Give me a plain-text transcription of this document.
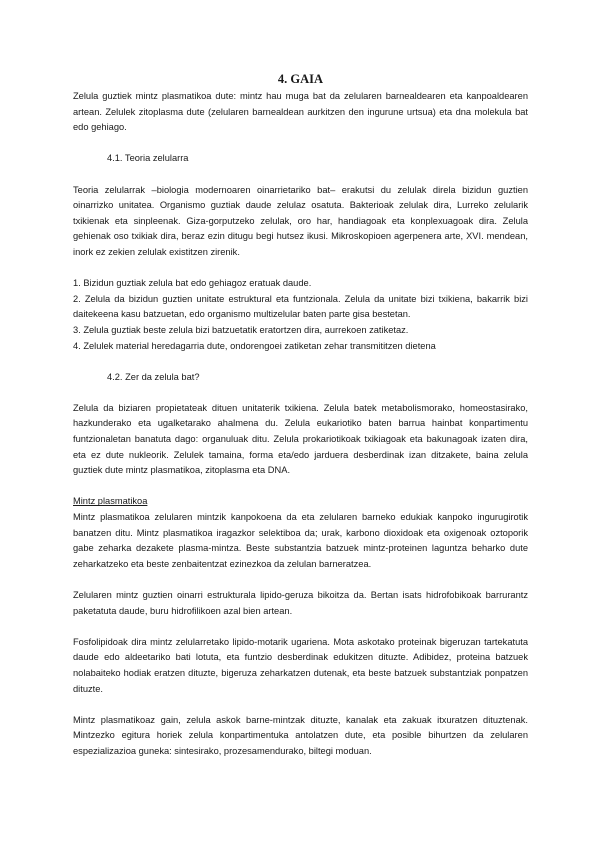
4. GAIA

Zelula guztiek mintz plasmatikoa dute: mintz hau muga bat da zelularen barnealdearen eta kanpoaldearen artean. Zelulek zitoplasma dute (zelularen barnealdean aurkitzen den ingurune urtsua) eta dna molekula bat edo gehiago.

4.1. Teoria zelularra

Teoria zelularrak –biologia modernoaren oinarrietariko bat– erakutsi du zelulak direla bizidun guztien oinarrizko unitatea. Organismo guztiak daude zelulaz osatuta. Bakterioak zelulak dira, Lurreko zelularik txikienak eta sinpleenak. Giza-gorputzeko zelulak, oro har, handiagoak eta konplexuagoak dira. Zelula gehienak oso txikiak dira, beraz ezin ditugu begi hutsez ikusi. Mikroskopioen agerpenera arte, XVI. mendean, inork ez zekien zelulak existitzen zirenik.

1. Bizidun guztiak zelula bat edo gehiagoz eratuak daude.

2. Zelula da bizidun guztien unitate estruktural eta funtzionala. Zelula da unitate bizi txikiena, bakarrik bizi daitekeena kasu batzuetan, edo organismo multizelular baten parte gisa bestetan.

3. Zelula guztiak beste zelula bizi batzuetatik eratortzen dira, aurrekoen zatiketaz.

4. Zelulek material heredagarria dute, ondorengoei zatiketan zehar transmititzen dietena

4.2. Zer da zelula bat?

Zelula da biziaren propietateak dituen unitaterik txikiena. Zelula batek metabolismorako, homeostasirako, hazkunderako eta ugalketarako ahalmena du. Zelula eukariotiko baten barrua hainbat konpartimentu funtzionaletan banatuta dago: organuluak ditu. Zelula prokariotikoak txikiagoak eta bakunagoak izaten dira, eta ez dute nukleorik. Zelulek tamaina, forma eta/edo jarduera desberdinak izan ditzakete, baina zelula guztiek dute mintz plasmatikoa, zitoplasma eta DNA.

Mintz plasmatikoa

Mintz plasmatikoa zelularen mintzik kanpokoena da eta zelularen barneko edukiak kanpoko ingurugirotik banatzen ditu. Mintz plasmatikoa iragazkor selektiboa da; urak, karbono dioxidoak eta oxigenoak oztoporik gabe zeharka dezakete plasma-mintza. Beste substantzia batzuek mintz-proteinen laguntza beharko dute zeharkatzeko eta beste zenbaitentzat ezinezkoa da zelulan barneratzea.

Zelularen mintz guztien oinarri estrukturala lipido-geruza bikoitza da. Bertan isats hidrofobikoak barrurantz paketatuta daude, buru hidrofilikoen azal bien artean.

Fosfolipidoak dira mintz zelularretako lipido-motarik ugariena. Mota askotako proteinak bigeruzan tartekatuta daude edo aldeetariko bati lotuta, eta funtzio desberdinak edukitzen dituzte. Adibidez, proteina batzuek nolabaiteko hodiak eratzen dituzte, bigeruza zeharkatzen dutenak, eta beste batzuek substantziak ponpatzen dituzte.

Mintz plasmatikoaz gain, zelula askok barne-mintzak dituzte, kanalak eta zakuak itxuratzen dituztenak. Mintzezko egitura horiek zelula konpartimentuka antolatzen dute, eta posible bihurtzen da zelularen espezializazioa guneka: sintesirako, prozesamendurako, biltegi moduan.
